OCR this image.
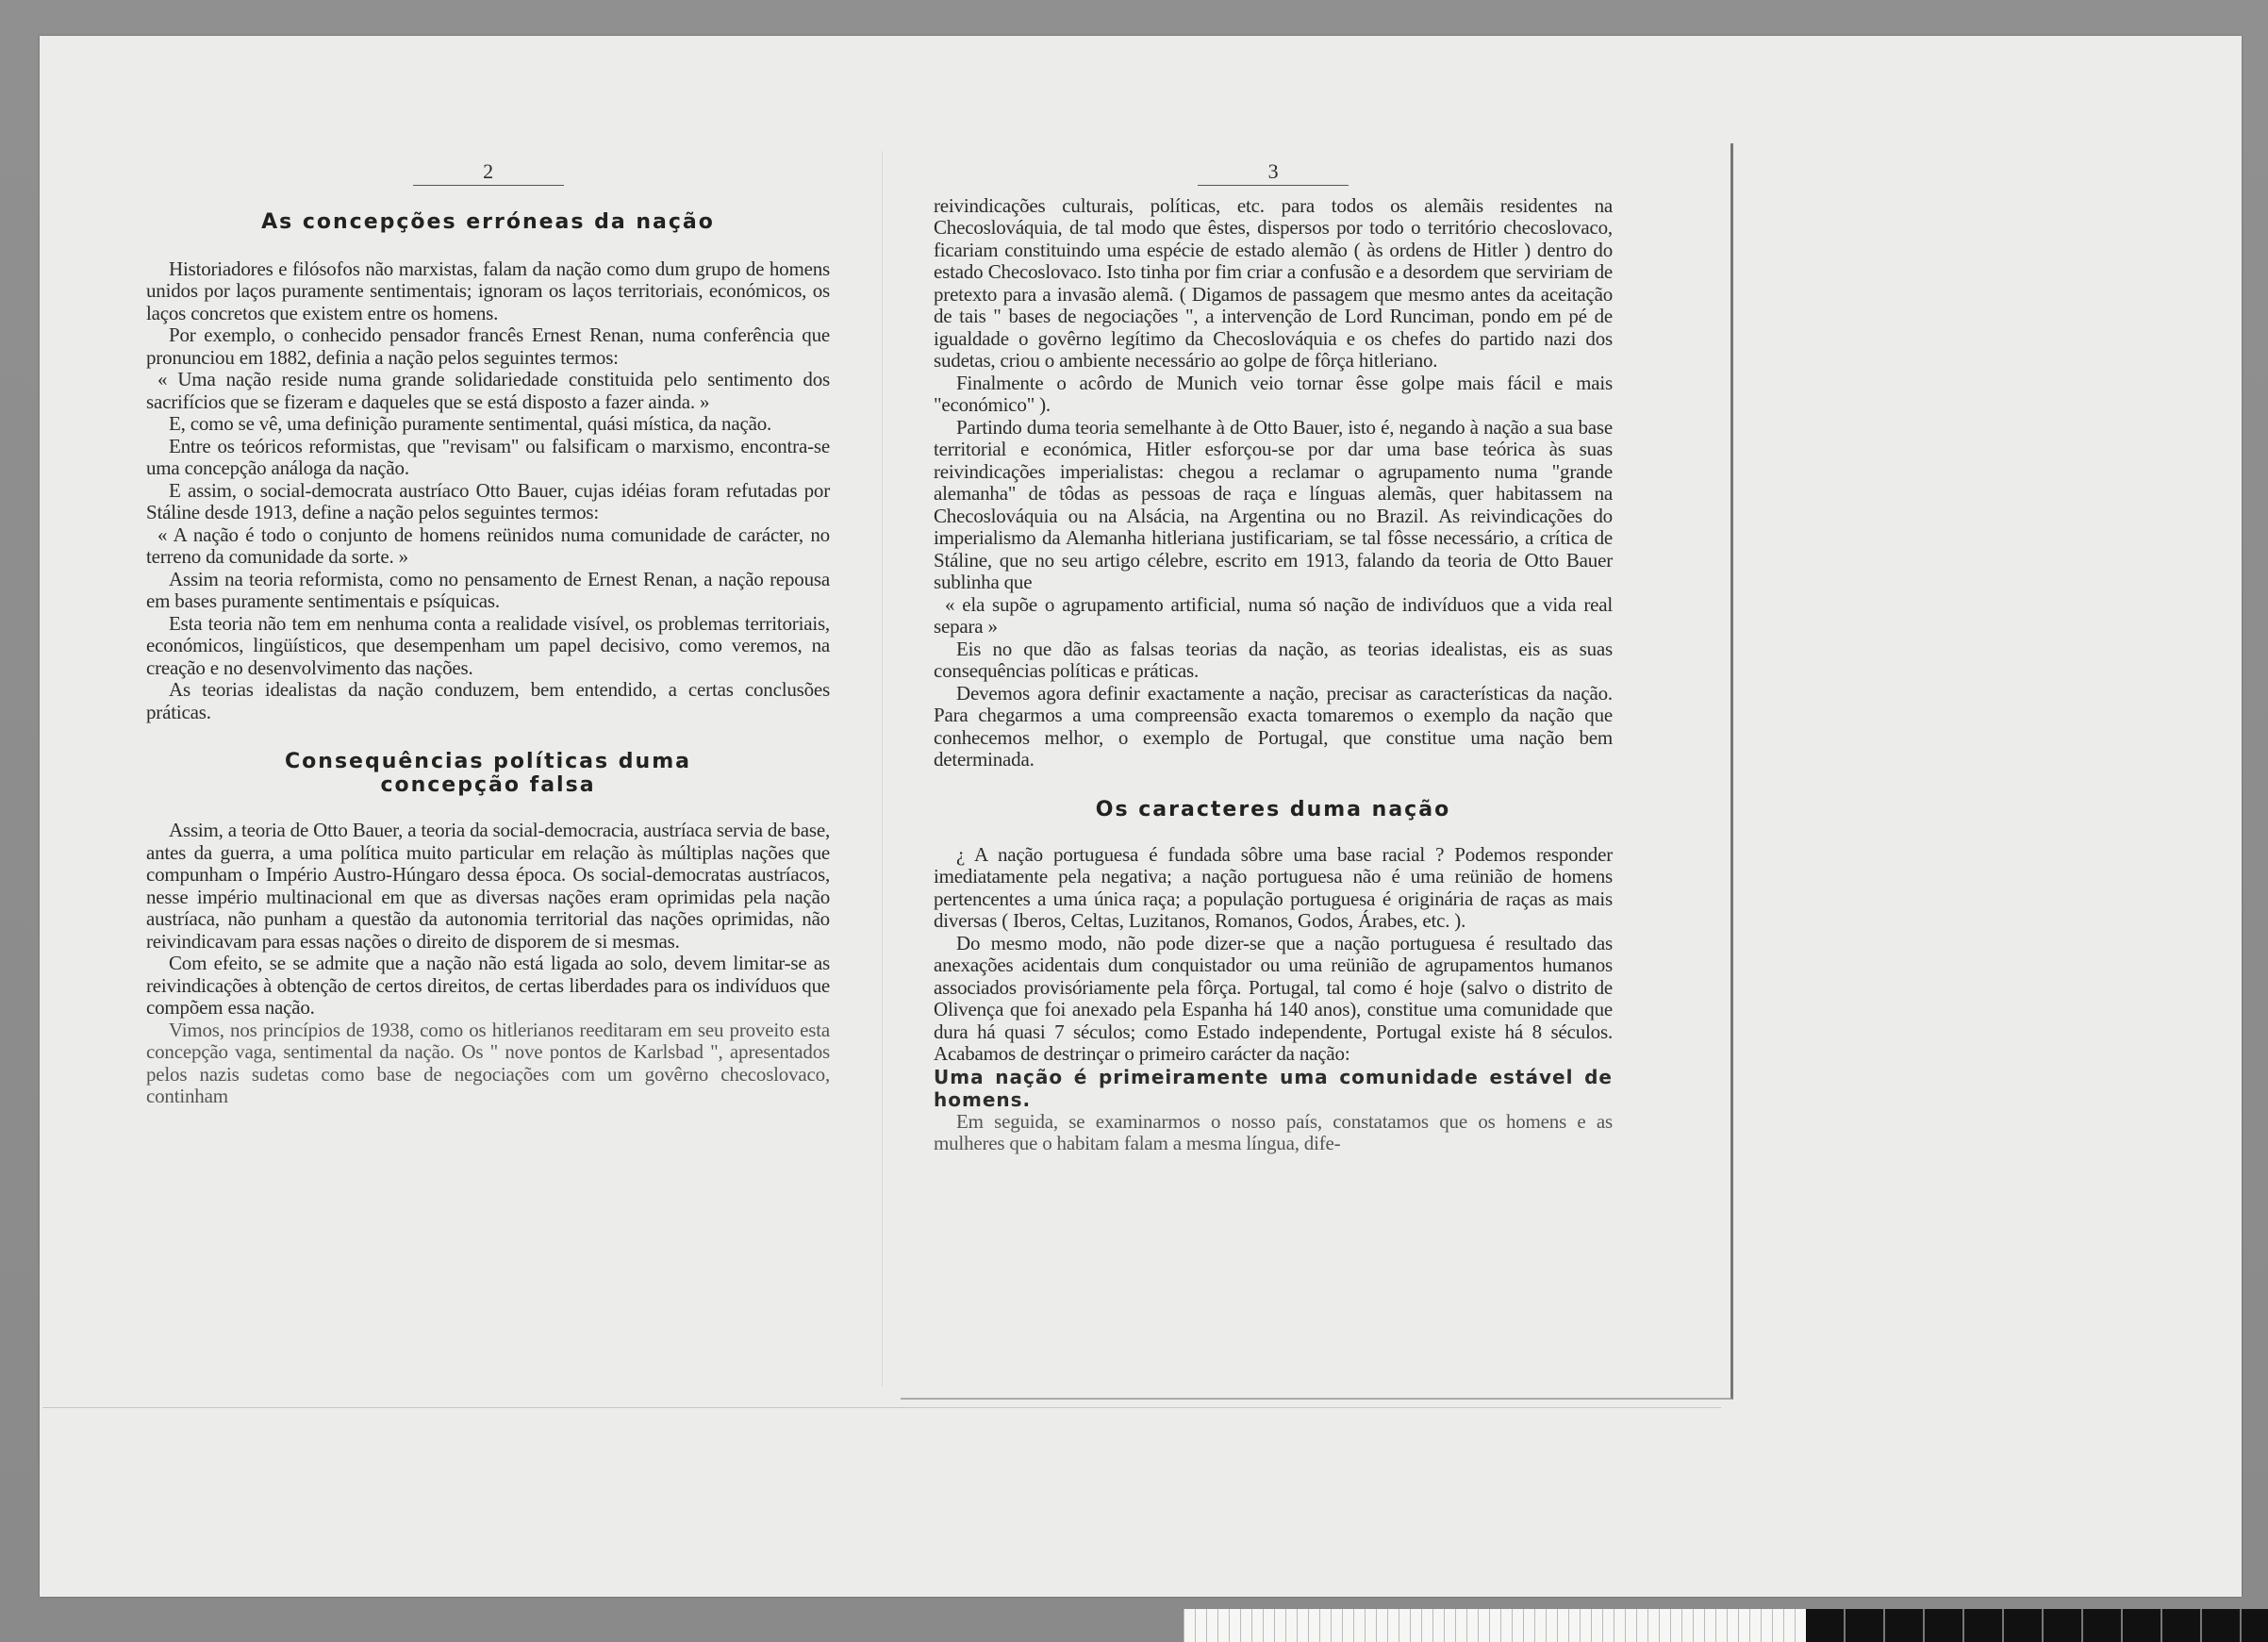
2
As concepções erróneas da nação

Historiadores e filósofos não marxistas, falam da nação como dum grupo de homens unidos por laços puramente sentimentais; ignoram os laços territoriais, económicos, os laços concretos que existem entre os homens.

Por exemplo, o conhecido pensador francês Ernest Renan, numa conferência que pronunciou em 1882, definia a nação pelos seguintes termos:

« Uma nação reside numa grande solidariedade constituida pelo sentimento dos sacrifícios que se fizeram e daqueles que se está disposto a fazer ainda. »

E, como se vê, uma definição puramente sentimental, quási mística, da nação.

Entre os teóricos reformistas, que "revisam" ou falsificam o marxismo, encontra-se uma concepção análoga da nação.

E assim, o social-democrata austríaco Otto Bauer, cujas idéias foram refutadas por Stáline desde 1913, define a nação pelos seguintes termos:

« A nação é todo o conjunto de homens reünidos numa comunidade de carácter, no terreno da comunidade da sorte. »

Assim na teoria reformista, como no pensamento de Ernest Renan, a nação repousa em bases puramente sentimentais e psíquicas.

Esta teoria não tem em nenhuma conta a realidade visível, os problemas territoriais, económicos, lingüísticos, que desempenham um papel decisivo, como veremos, na creação e no desenvolvimento das nações.

As teorias idealistas da nação conduzem, bem entendido, a certas conclusões práticas.

Consequências políticas duma
concepção falsa

Assim, a teoria de Otto Bauer, a teoria da social-democracia, austríaca servia de base, antes da guerra, a uma política muito particular em relação às múltiplas nações que compunham o Império Austro-Húngaro dessa época. Os social-democratas austríacos, nesse império multinacional em que as diversas nações eram oprimidas pela nação austríaca, não punham a questão da autonomia territorial das nações oprimidas, não reivindicavam para essas nações o direito de disporem de si mesmas.

Com efeito, se se admite que a nação não está ligada ao solo, devem limitar-se as reivindicações à obtenção de certos direitos, de certas liberdades para os indivíduos que compõem essa nação.

Vimos, nos princípios de 1938, como os hitlerianos reeditaram em seu proveito esta concepção vaga, sentimental da nação. Os " nove pontos de Karlsbad ", apresentados pelos nazis sudetas como base de negociações com um govêrno checoslovaco, continham

3

reivindicações culturais, políticas, etc. para todos os alemãis residentes na Checoslováquia, de tal modo que êstes, dispersos por todo o território checoslovaco, ficariam constituindo uma espécie de estado alemão ( às ordens de Hitler ) dentro do estado Checoslovaco. Isto tinha por fim criar a confusão e a desordem que serviriam de pretexto para a invasão alemã. ( Digamos de passagem que mesmo antes da aceitação de tais " bases de negociações ", a intervenção de Lord Runciman, pondo em pé de igualdade o govêrno legítimo da Checoslováquia e os chefes do partido nazi dos sudetas, criou o ambiente necessário ao golpe de fôrça hitleriano.

Finalmente o acôrdo de Munich veio tornar êsse golpe mais fácil e mais "económico" ).

Partindo duma teoria semelhante à de Otto Bauer, isto é, negando à nação a sua base territorial e económica, Hitler esforçou-se por dar uma base teórica às suas reivindicações imperialistas: chegou a reclamar o agrupamento numa "grande alemanha" de tôdas as pessoas de raça e línguas alemãs, quer habitassem na Checoslováquia ou na Alsácia, na Argentina ou no Brazil. As reivindicações do imperialismo da Alemanha hitleriana justificariam, se tal fôsse necessário, a crítica de Stáline, que no seu artigo célebre, escrito em 1913, falando da teoria de Otto Bauer sublinha que

« ela supõe o agrupamento artificial, numa só nação de indivíduos que a vida real separa »

Eis no que dão as falsas teorias da nação, as teorias idealistas, eis as suas consequências políticas e práticas.

Devemos agora definir exactamente a nação, precisar as características da nação. Para chegarmos a uma compreensão exacta tomaremos o exemplo da nação que conhecemos melhor, o exemplo de Portugal, que constitue uma nação bem determinada.

Os caracteres duma nação

¿ A nação portuguesa é fundada sôbre uma base racial ? Podemos responder imediatamente pela negativa; a nação portuguesa não é uma reünião de homens pertencentes a uma única raça; a população portuguesa é originária de raças as mais diversas ( Iberos, Celtas, Luzitanos, Romanos, Godos, Árabes, etc. ).

Do mesmo modo, não pode dizer-se que a nação portuguesa é resultado das anexações acidentais dum conquistador ou uma reünião de agrupamentos humanos associados provisóriamente pela fôrça. Portugal, tal como é hoje (salvo o distrito de Olivença que foi anexado pela Espanha há 140 anos), constitue uma comunidade que dura há quasi 7 séculos; como Estado independente, Portugal existe há 8 séculos. Acabamos de destrinçar o primeiro carácter da nação:

Uma nação é primeiramente uma comunidade estável de homens.

Em seguida, se examinarmos o nosso país, constatamos que os homens e as mulheres que o habitam falam a mesma língua, dife-
